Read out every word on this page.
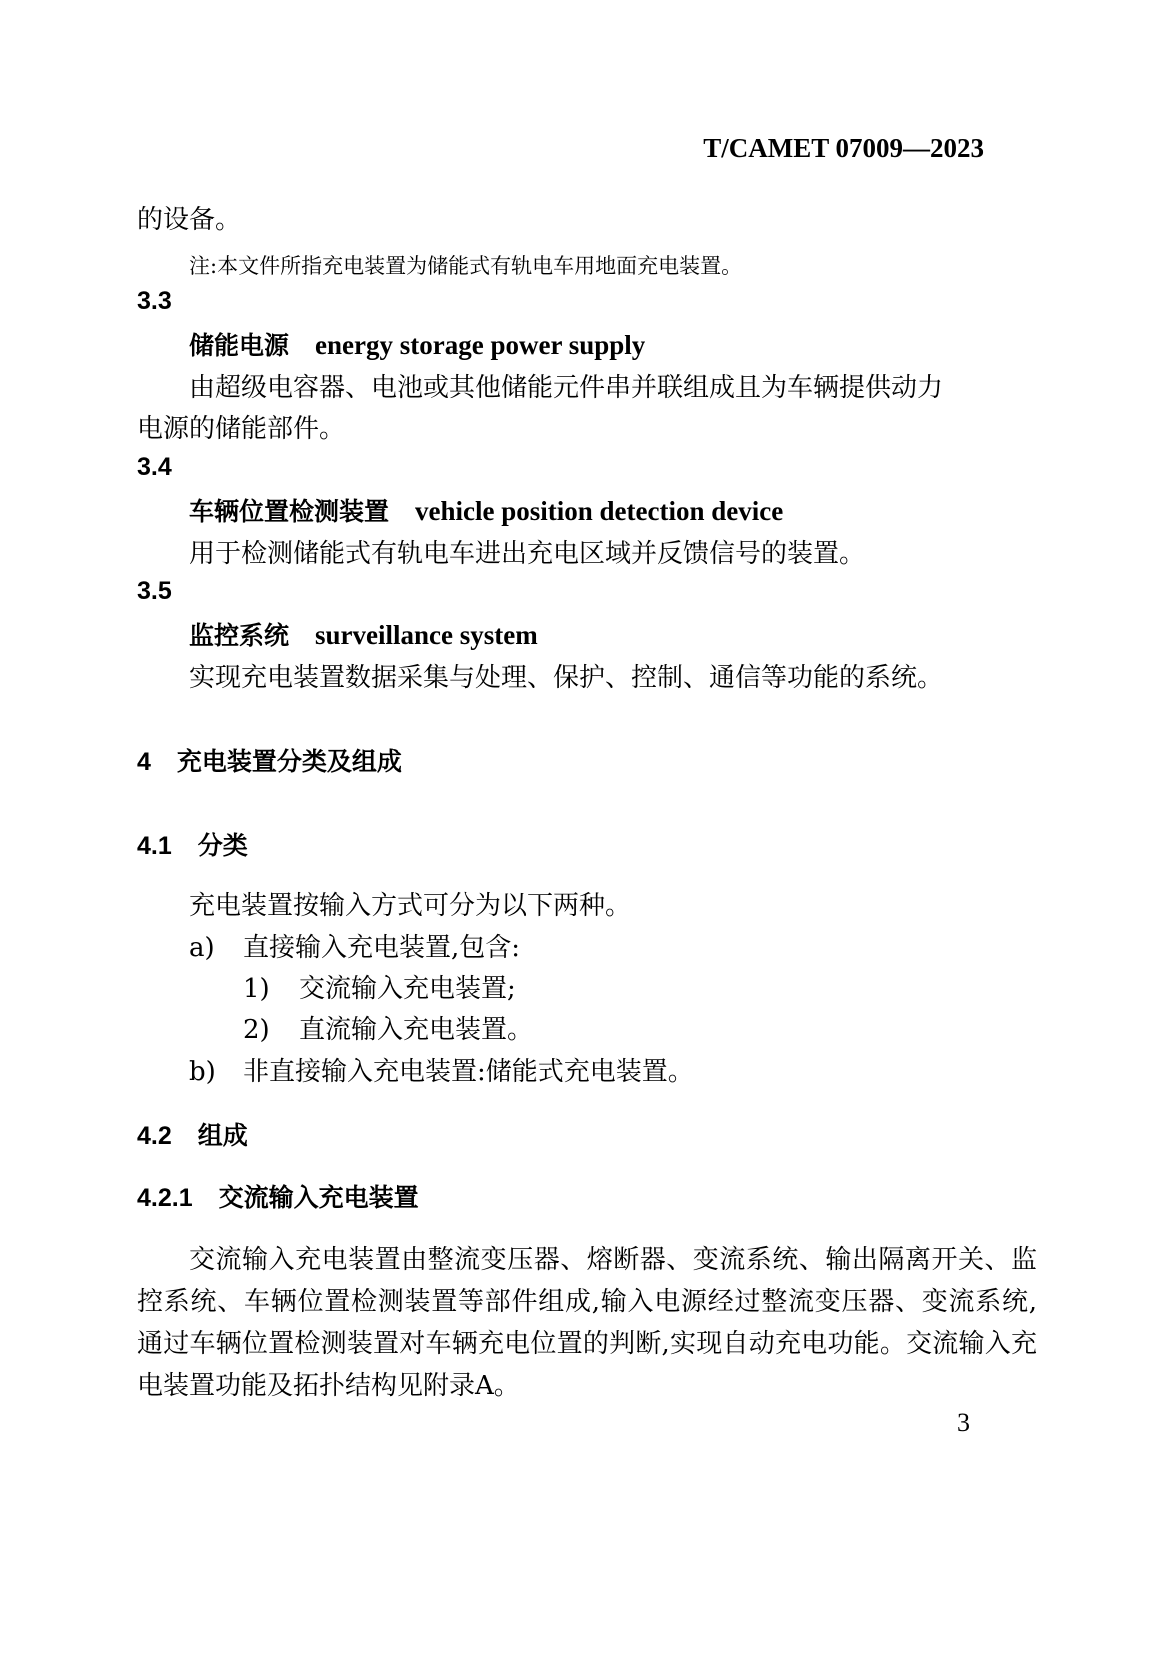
T/CAMET 07009—2023
的设备。
注:本文件所指充电装置为储能式有轨电车用地面充电装置。
3.3
储能电源 energy storage power supply
由超级电容器、电池或其他储能元件串并联组成且为车辆提供动力
电源的储能部件。
3.4
车辆位置检测装置 vehicle position detection device
用于检测储能式有轨电车进出充电区域并反馈信号的装置。
3.5
监控系统 surveillance system
实现充电装置数据采集与处理、保护、控制、通信等功能的系统。
4 充电装置分类及组成
4.1 分类
充电装置按输入方式可分为以下两种。
a) 直接输入充电装置,包含:
1) 交流输入充电装置;
2) 直流输入充电装置。
b) 非直接输入充电装置:储能式充电装置。
4.2 组成
4.2.1 交流输入充电装置
交流输入充电装置由整流变压器、熔断器、变流系统、输出隔离开关、监控系统、车辆位置检测装置等部件组成,输入电源经过整流变压器、变流系统,通过车辆位置检测装置对车辆充电位置的判断,实现自动充电功能。交流输入充电装置功能及拓扑结构见附录A。
3
